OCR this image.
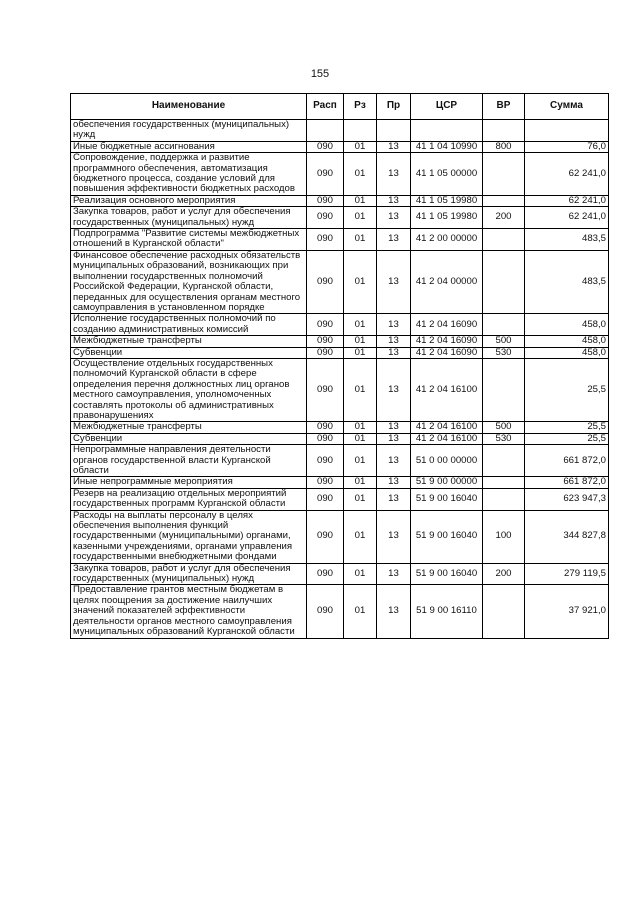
155
Наименование	Расп	Рз	Пр	ЦСР	ВР	Сумма
обеспечения государственных (муниципальных) нужд						
Иные бюджетные ассигнования	090	01	13	41 1 04 10990	800	76,0
Сопровождение, поддержка и развитие программного обеспечения, автоматизация бюджетного процесса, создание условий для повышения эффективности бюджетных расходов	090	01	13	41 1 05 00000		62 241,0
Реализация основного мероприятия	090	01	13	41 1 05 19980		62 241,0
Закупка товаров, работ и услуг для обеспечения государственных (муниципальных) нужд	090	01	13	41 1 05 19980	200	62 241,0
Подпрограмма "Развитие системы межбюджетных отношений в Курганской области"	090	01	13	41 2 00 00000		483,5
Финансовое обеспечение расходных обязательств муниципальных образований, возникающих при выполнении государственных полномочий Российской Федерации, Курганской области, переданных для осуществления органам местного самоуправления в установленном порядке	090	01	13	41 2 04 00000		483,5
Исполнение государственных полномочий по созданию административных комиссий	090	01	13	41 2 04 16090		458,0
Межбюджетные трансферты	090	01	13	41 2 04 16090	500	458,0
Субвенции	090	01	13	41 2 04 16090	530	458,0
Осуществление отдельных государственных полномочий Курганской области в сфере определения перечня должностных лиц органов местного самоуправления, уполномоченных составлять протоколы об административных правонарушениях	090	01	13	41 2 04 16100		25,5
Межбюджетные трансферты	090	01	13	41 2 04 16100	500	25,5
Субвенции	090	01	13	41 2 04 16100	530	25,5
Непрограммные направления деятельности органов государственной власти Курганской области	090	01	13	51 0 00 00000		661 872,0
Иные непрограммные мероприятия	090	01	13	51 9 00 00000		661 872,0
Резерв на реализацию отдельных мероприятий государственных программ Курганской области	090	01	13	51 9 00 16040		623 947,3
Расходы на выплаты персоналу в целях обеспечения выполнения функций государственными (муниципальными) органами, казенными учреждениями, органами управления государственными внебюджетными фондами	090	01	13	51 9 00 16040	100	344 827,8
Закупка товаров, работ и услуг для обеспечения государственных (муниципальных) нужд	090	01	13	51 9 00 16040	200	279 119,5
Предоставление грантов местным бюджетам в целях поощрения за достижение наилучших значений показателей эффективности деятельности органов местного самоуправления муниципальных образований Курганской области	090	01	13	51 9 00 16110		37 921,0
